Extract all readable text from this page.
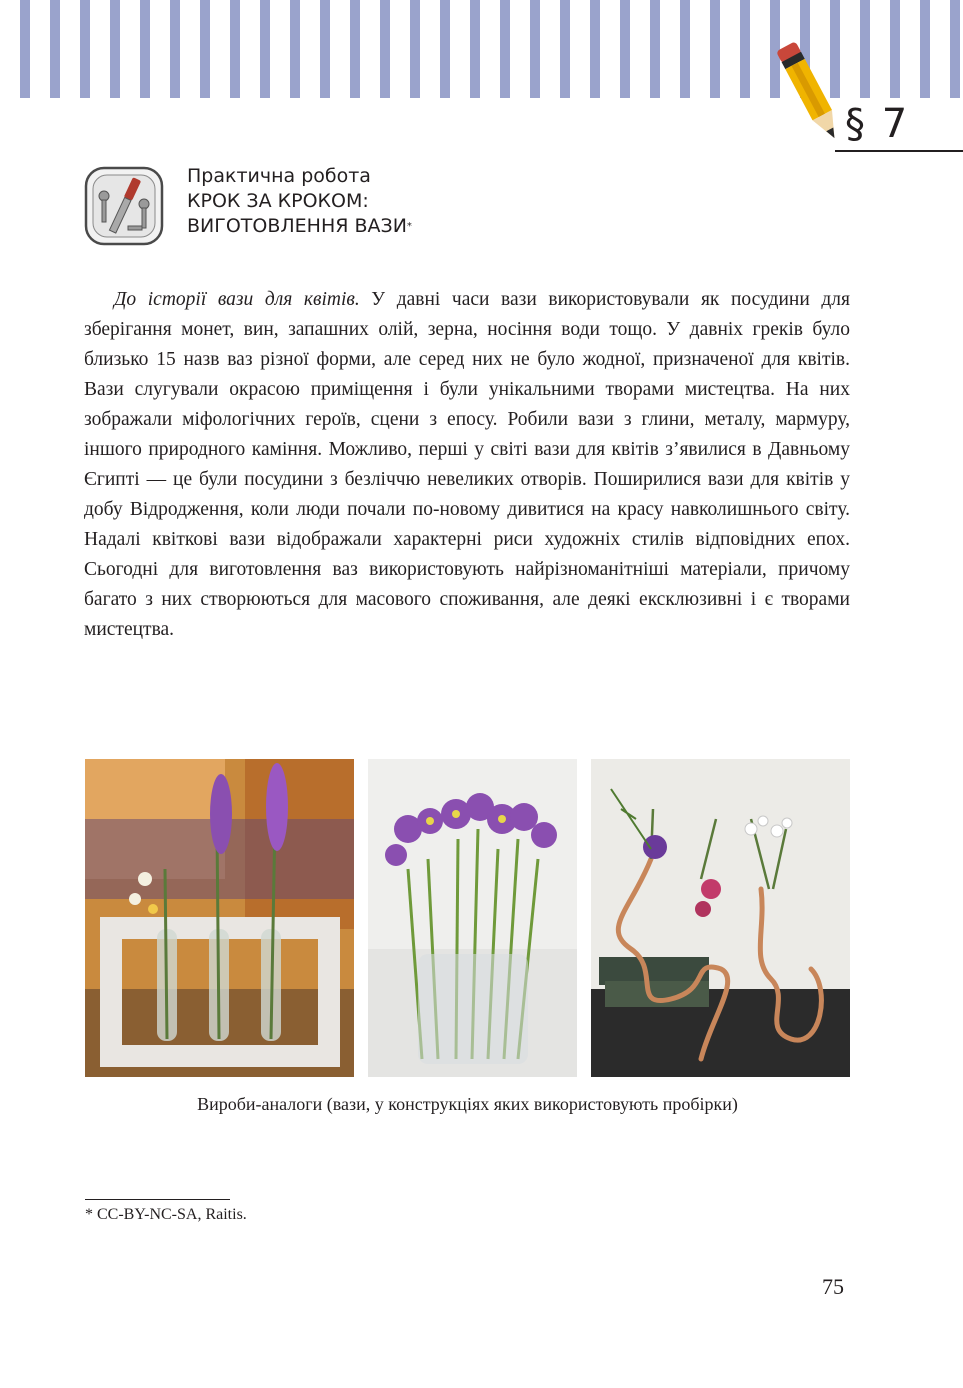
§ 7
Практична робота
КРОК ЗА КРОКОМ:
ВИГОТОВЛЕННЯ ВАЗИ*
До історії вази для квітів. У давні часи вази використовували як посудини для зберігання монет, вин, запашних олій, зерна, носіння води тощо. У давніх греків було близько 15 назв ваз різної форми, але серед них не було жодної, призначеної для квітів. Вази слугували окрасою приміщення і були унікальними творами мистецтва. На них зображали міфологічних героїв, сцени з епосу. Робили вази з глини, металу, мармуру, іншого природного каміння. Можливо, перші у світі вази для квітів з’явилися в Давньому Єгипті — це були посудини з безліччю невеликих отворів. Поширилися вази для квітів у добу Відродження, коли люди почали по-новому дивитися на красу навколишнього світу. Надалі квіткові вази відображали характерні риси художніх стилів відповідних епох. Сьогодні для виготовлення ваз використовують найрізноманітніші матеріали, причому багато з них створюються для масового споживання, але деякі ексклюзивні і є творами мистецтва.
Вироби-аналоги (вази, у конструкціях яких використовують пробірки)
* CC-BY-NC-SA, Raitis.
75
